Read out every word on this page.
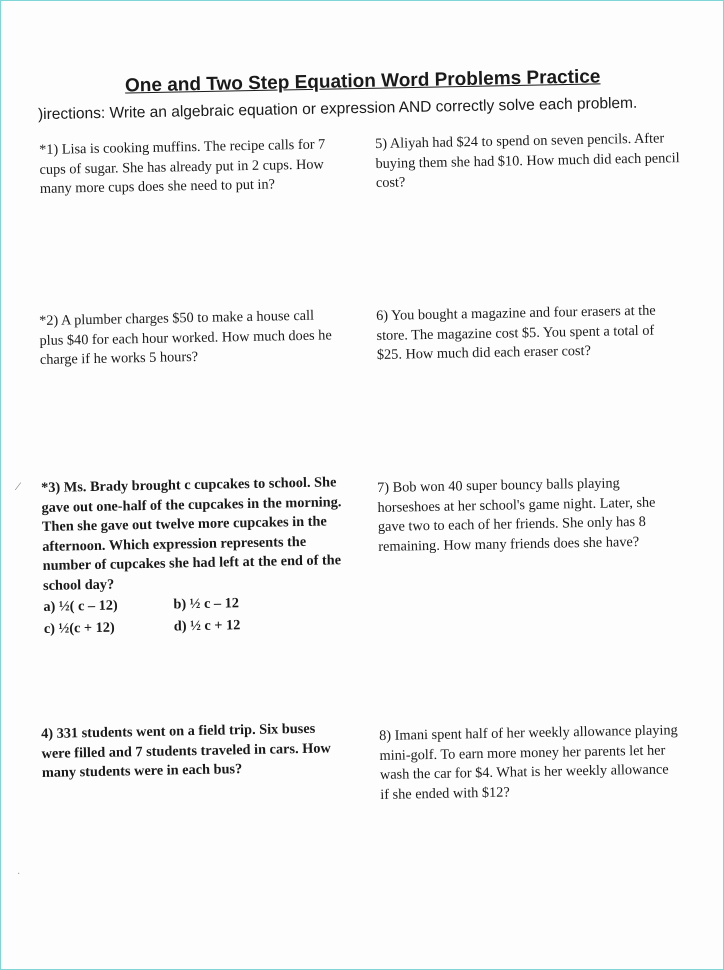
One and Two Step Equation Word Problems Practice
)irections: Write an algebraic equation or expression AND correctly solve each problem.
*1) Lisa is cooking muffins. The recipe calls for 7 cups of sugar. She has already put in 2 cups. How many more cups does she need to put in?
*2) A plumber charges $50 to make a house call plus $40 for each hour worked. How much does he charge if he works 5 hours?
*3) Ms. Brady brought c cupcakes to school. She gave out one-half of the cupcakes in the morning. Then she gave out twelve more cupcakes in the afternoon. Which expression represents the number of cupcakes she had left at the end of the school day?
a) ½( c – 12)	b) ½ c – 12
c) ½(c + 12)	d) ½ c + 12
4) 331 students went on a field trip. Six buses were filled and 7 students traveled in cars. How many students were in each bus?
5) Aliyah had $24 to spend on seven pencils. After buying them she had $10. How much did each pencil cost?
6) You bought a magazine and four erasers at the store. The magazine cost $5. You spent a total of $25. How much did each eraser cost?
7) Bob won 40 super bouncy balls playing horseshoes at her school's game night. Later, she gave two to each of her friends. She only has 8 remaining. How many friends does she have?
8) Imani spent half of her weekly allowance playing mini-golf. To earn more money her parents let her wash the car for $4. What is her weekly allowance if she ended with $12?
⁄
·
